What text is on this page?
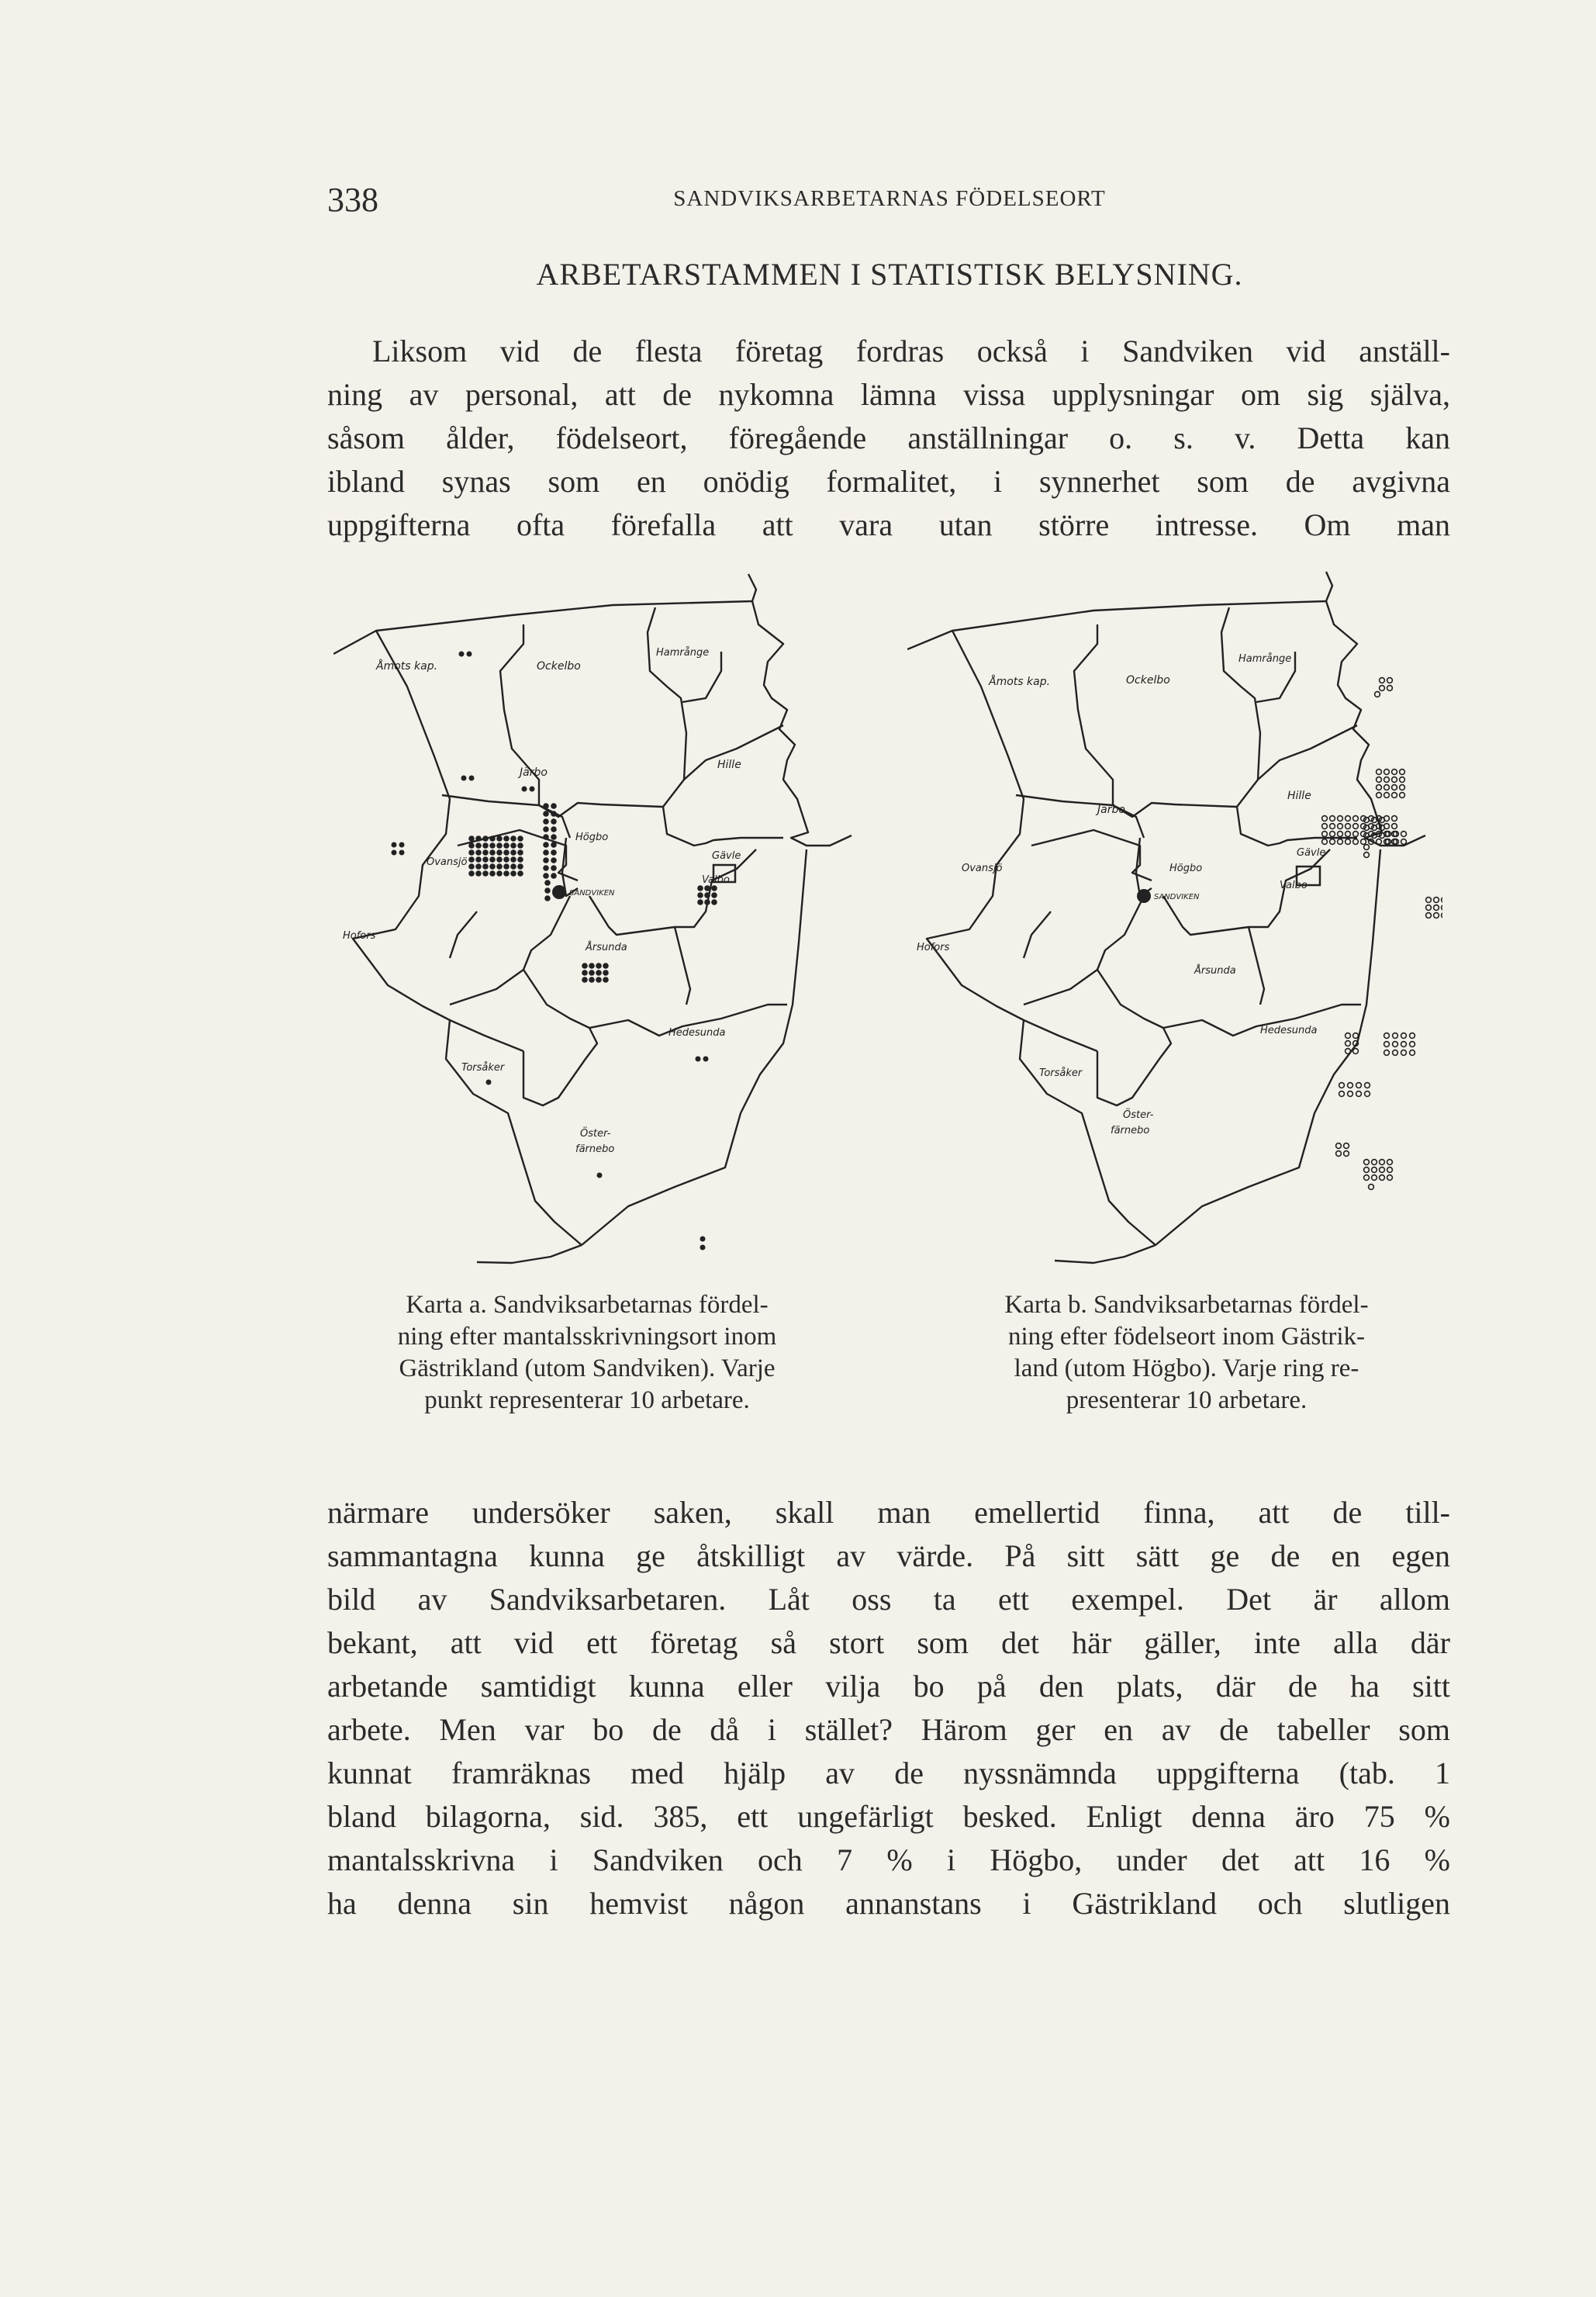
338	SANDVIKSARBETARNAS FÖDELSEORT
ARBETARSTAMMEN I STATISTISK BELYSNING.
Liksom vid de flesta företag fordras också i Sandviken vid anställ-
ning av personal, att de nykomna lämna vissa upplysningar om sig själva,
såsom ålder, födelseort, föregående anställningar o. s. v. Detta kan
ibland synas som en onödig formalitet, i synnerhet som de avgivna
uppgifterna ofta förefalla att vara utan större intresse. Om man
Åmots kap.	Ockelbo
Hamrånge
Hille
Järbo
Gävle
Ovansjö
Högbo
Valbo
SANDVIKEN
Hofors
Årsunda
Torsåker
Hedesunda
Öster-
färnebo
Åmots kap.	Ockelbo
Hamrånge
Hille
Järbo
Gävle
Ovansjö	Högbo
Valbo
SANDVIKEN
Hofors
Årsunda
Torsåker
Hedesunda
Öster-
färnebo
Karta a. Sandviksarbetarnas fördel-
ning efter mantalsskrivningsort inom
Gästrikland (utom Sandviken). Varje
punkt representerar 10 arbetare.
Karta b. Sandviksarbetarnas fördel-
ning efter födelseort inom Gästrik-
land (utom Högbo). Varje ring re-
presenterar 10 arbetare.
närmare undersöker saken, skall man emellertid finna, att de till-
sammantagna kunna ge åtskilligt av värde. På sitt sätt ge de en egen
bild av Sandviksarbetaren. Låt oss ta ett exempel. Det är allom
bekant, att vid ett företag så stort som det här gäller, inte alla där
arbetande samtidigt kunna eller vilja bo på den plats, där de ha sitt
arbete. Men var bo de då i stället? Härom ger en av de tabeller som
kunnat framräknas med hjälp av de nyssnämnda uppgifterna (tab. 1
bland bilagorna, sid. 385, ett ungefärligt besked. Enligt denna äro 75 %
mantalsskrivna i Sandviken och 7 % i Högbo, under det att 16 %
ha denna sin hemvist någon annanstans i Gästrikland och slutligen
